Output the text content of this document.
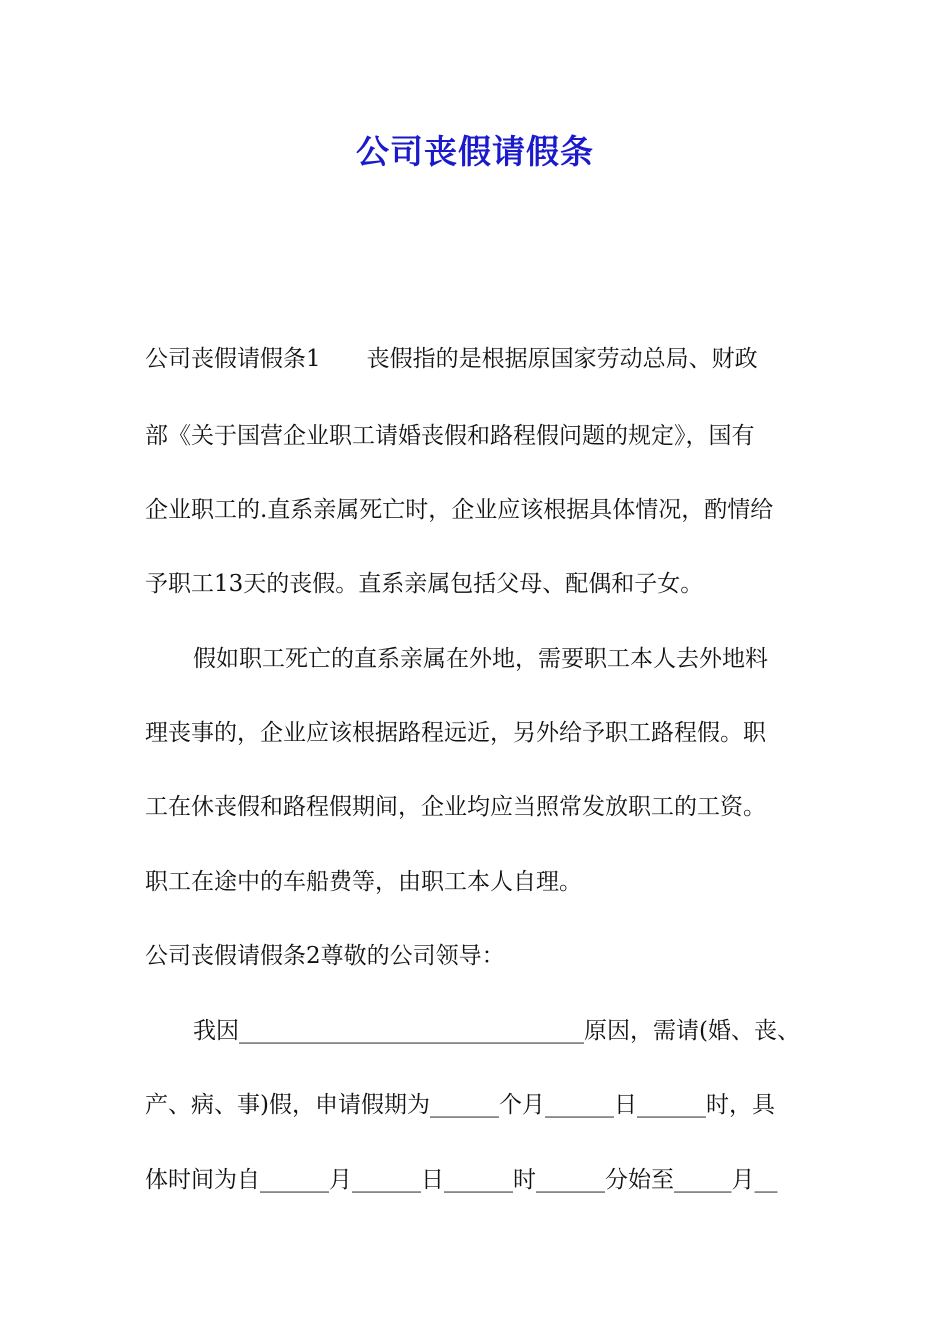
公司丧假请假条

公司丧假请假条1　　丧假指的是根据原国家劳动总局、财政

部《关于国营企业职工请婚丧假和路程假问题的规定》，国有

企业职工的.直系亲属死亡时，企业应该根据具体情况，酌情给

予职工13天的丧假。直系亲属包括父母、配偶和子女。

假如职工死亡的直系亲属在外地，需要职工本人去外地料

理丧事的，企业应该根据路程远近，另外给予职工路程假。职

工在休丧假和路程假期间，企业均应当照常发放职工的工资。

职工在途中的车船费等，由职工本人自理。

公司丧假请假条2尊敬的公司领导：

我因______________________________原因，需请(婚、丧、

产、病、事)假，申请假期为______个月______日______时，具

体时间为自______月______日______时______分始至_____月__
